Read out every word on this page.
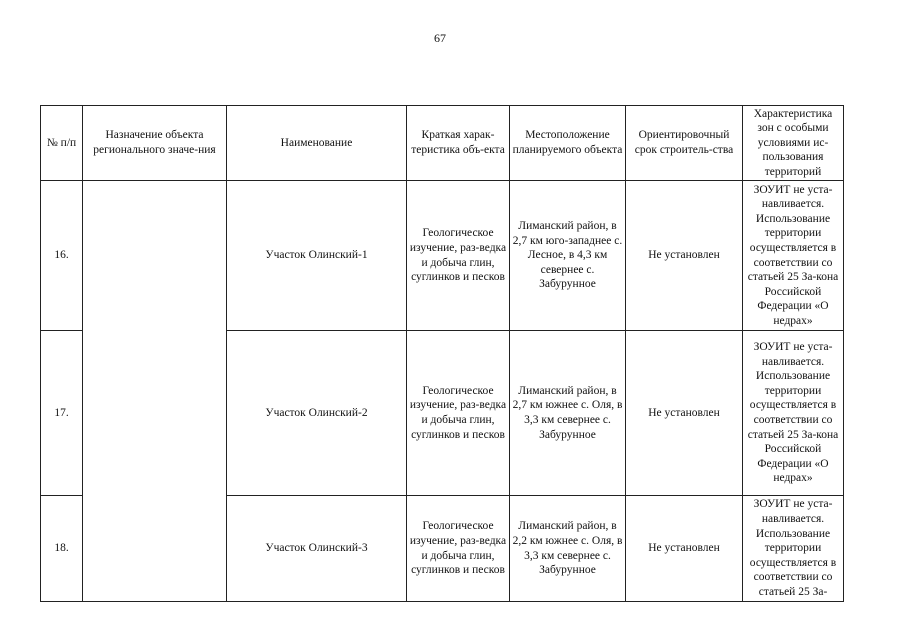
67
№ п/п	Назначение объекта регионального значе-ния	Наименование	Краткая харак-теристика объ-екта	Местоположение планируемого объекта	Ориентировочный срок строитель-ства	Характеристика зон с особыми условиями ис-пользования территорий
16.		Участок Олинский-1	Геологическое изучение, раз-ведка и добыча глин, суглинков и песков	Лиманский район, в 2,7 км юго-западнее с. Лесное, в 4,3 км севернее с. Забурунное	Не установлен	ЗОУИТ не уста-навливается. Использование территории осуществляется в соответствии со статьей 25 За-кона Российской Федерации «О недрах»
17.		Участок Олинский-2	Геологическое изучение, раз-ведка и добыча глин, суглинков и песков	Лиманский район, в 2,7 км южнее с. Оля, в 3,3 км севернее с. Забурунное	Не установлен	ЗОУИТ не уста-навливается. Использование территории осуществляется в соответствии со статьей 25 За-кона Российской Федерации «О недрах»
18.		Участок Олинский-3	Геологическое изучение, раз-ведка и добыча глин, суглинков и песков	Лиманский район, в 2,2 км южнее с. Оля, в 3,3 км севернее с. Забурунное	Не установлен	ЗОУИТ не уста-навливается. Использование территории осуществляется в соответствии со статьей 25 За-
